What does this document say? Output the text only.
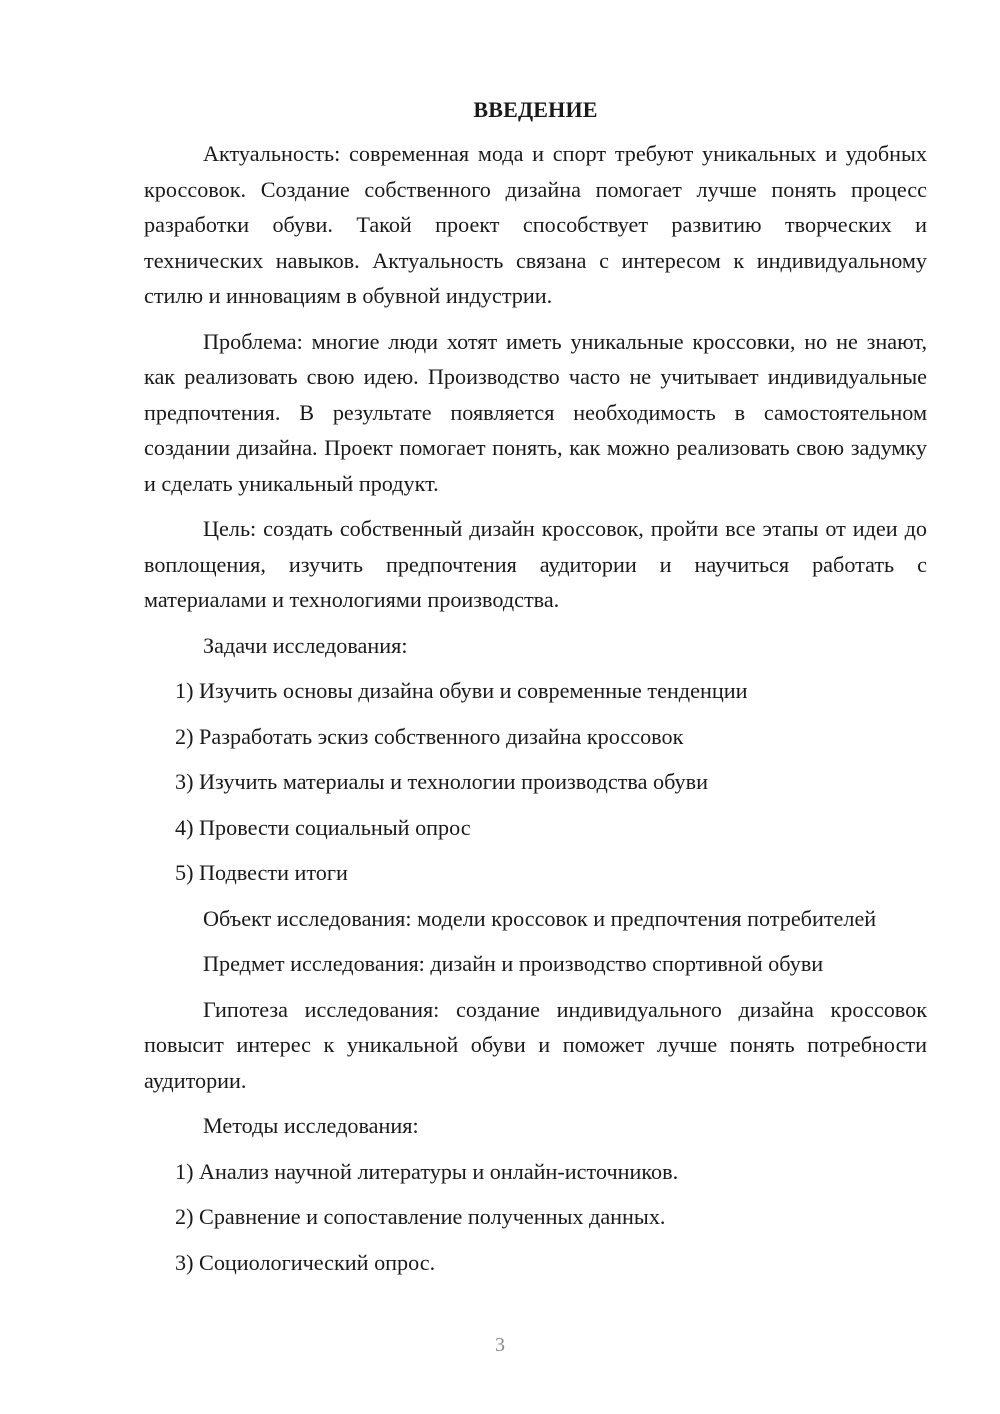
ВВЕДЕНИЕ

Актуальность: современная мода и спорт требуют уникальных и удобных кроссовок. Создание собственного дизайна помогает лучше понять процесс разработки обуви. Такой проект способствует развитию творческих и технических навыков. Актуальность связана с интересом к индивидуальному стилю и инновациям в обувной индустрии.

Проблема: многие люди хотят иметь уникальные кроссовки, но не знают, как реализовать свою идею. Производство часто не учитывает индивидуальные предпочтения. В результате появляется необходимость в самостоятельном создании дизайна. Проект помогает понять, как можно реализовать свою задумку и сделать уникальный продукт.

Цель: создать собственный дизайн кроссовок, пройти все этапы от идеи до воплощения, изучить предпочтения аудитории и научиться работать с материалами и технологиями производства.

Задачи исследования:

1) Изучить основы дизайна обуви и современные тенденции

2) Разработать эскиз собственного дизайна кроссовок

3) Изучить материалы и технологии производства обуви

4) Провести социальный опрос

5) Подвести итоги

Объект исследования: модели кроссовок и предпочтения потребителей

Предмет исследования: дизайн и производство спортивной обуви

Гипотеза исследования: создание индивидуального дизайна кроссовок повысит интерес к уникальной обуви и поможет лучше понять потребности аудитории.

Методы исследования:

1) Анализ научной литературы и онлайн-источников.

2) Сравнение и сопоставление полученных данных.

3) Социологический опрос.

3
